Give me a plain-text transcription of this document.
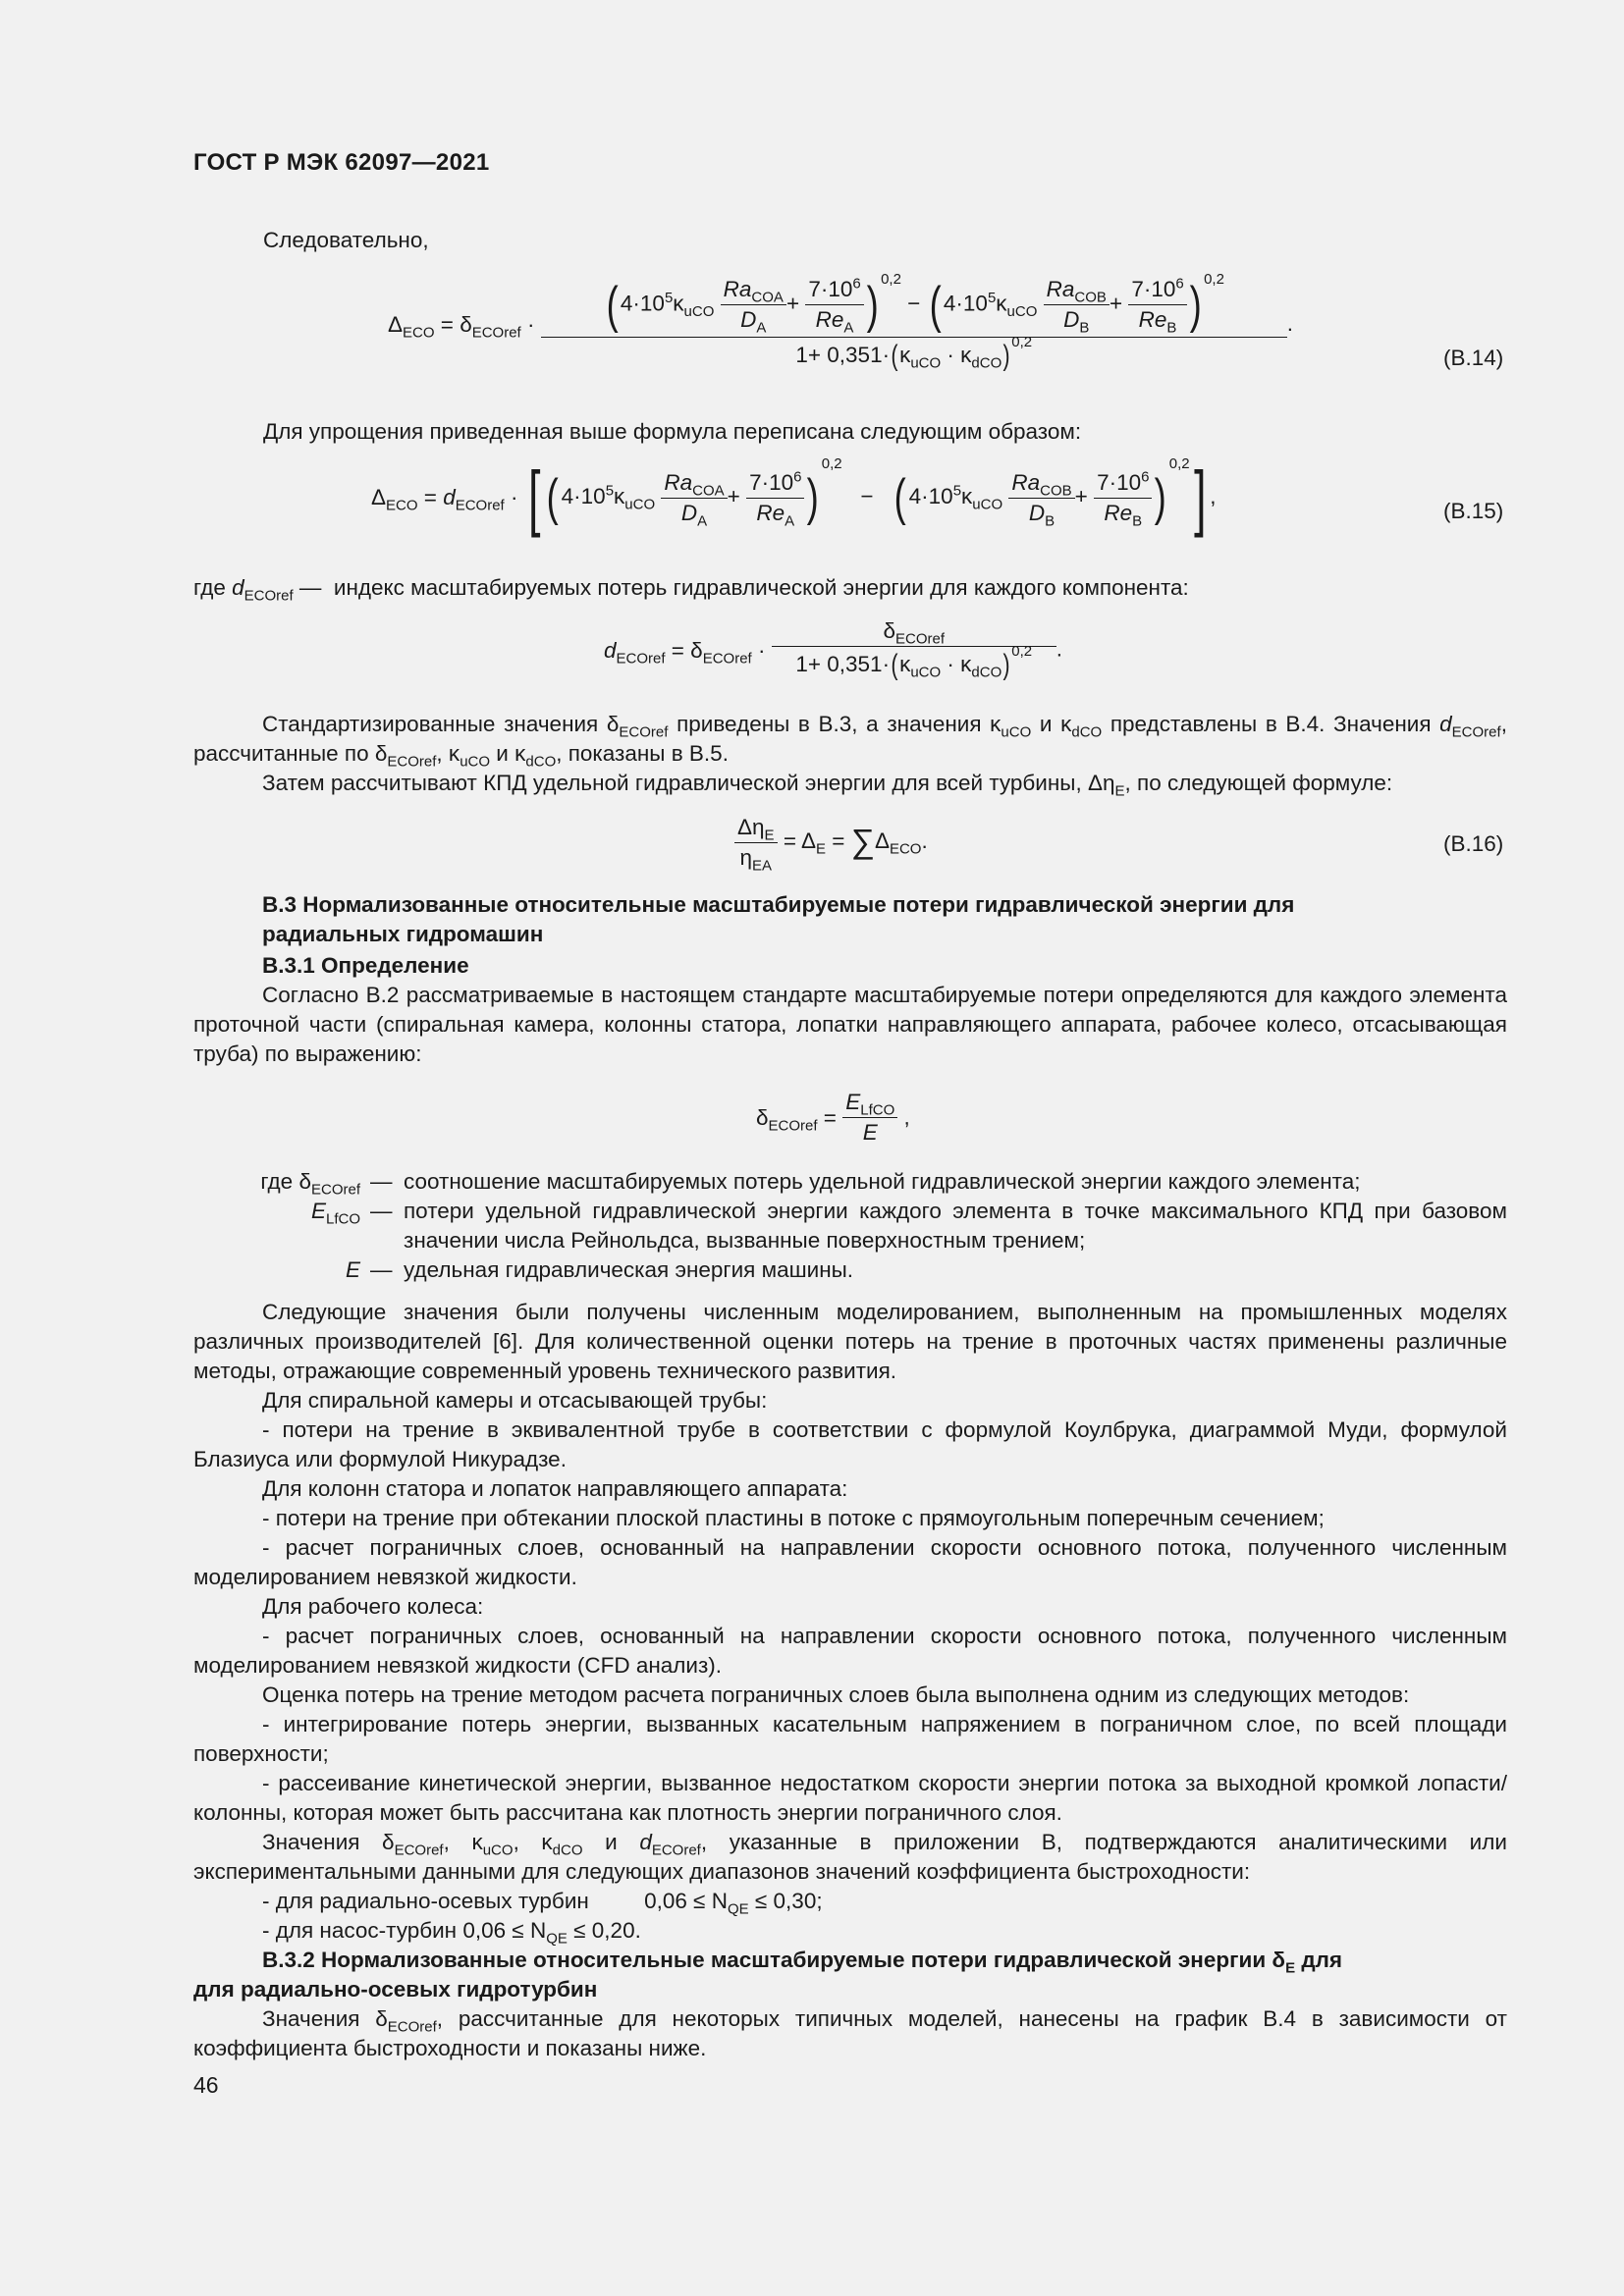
ГОСТ Р МЭК 62097—2021
Следовательно,
$\Delta_{ECO} = \delta_{ECOref}$ ·	( $4\cdot 10^5\kappa_{uCO} \frac{Ra_{COA}}{D_A} + \frac{7\cdot 10^6}{Re_A}$ ) $^{0,2}$ − ( $4\cdot 10^5\kappa_{uCO} \frac{Ra_{COB}}{D_B} + \frac{7\cdot 10^6}{Re_B}$ ) $^{0,2}$
$1+ 0,351\cdot(\kappa_{uCO} \cdot \kappa_{dCO})$ $^{0,2}$
.
(B.14)
Для упрощения приведенная выше формула переписана следующим образом:
$\Delta_{ECO} = d_{ECOref}$ · [ ( $4\cdot 10^5\kappa_{uCO} \frac{Ra_{COA}}{D_A} + \frac{7\cdot 10^6}{Re_A} )^{0,2}$   −   ( $4\cdot 10^5\kappa_{uCO} \frac{Ra_{COB}}{D_B} + \frac{7\cdot 10^6}{Re_B} )^{0,2}$] ,
(B.15)
где $d_{ECOref}$ —  индекс масштабируемых потерь гидравлической энергии для каждого компонента:
$d_{ECOref} = \delta_{ECOref} \cdot \frac{\delta_{ECOref}}{1+ 0,351\cdot(\kappa_{uCO} \cdot \kappa_{dCO}) ^{0,2}}$ .

Стандартизированные значения $\delta_{ECOref}$ приведены в В.3, а значения $\kappa_{uCO}$ и $\kappa_{dCO}$ представлены в В.4. Значения $d_{ECOref}$, рассчитанные по $\delta_{ECOref}$, $\kappa_{uCO}$ и $\kappa_{dCO}$, показаны в В.5.

Затем рассчитывают КПД удельной гидравлической энергии для всей турбины, $\Delta\eta_E$, по следующей формуле:

$\frac{\Delta\eta_E}{\eta_{EA}} = \Delta_E = \sum\Delta_{ECO}$.	(B.16)

В.3 Нормализованные относительные масштабируемые потери гидравлической энергии для радиальных гидромашин

В.3.1 Определение

Согласно В.2 рассматриваемые в настоящем стандарте масштабируемые потери определяются для каждого элемента проточной части (спиральная камера, колонны статора, лопатки направляющего аппарата, рабочее колесо, отсасывающая труба) по выражению:

$\delta_{ECOref} = \frac{E_{LfCO}}{E}$ ,
где $\delta_{ECOref}$ — соотношение масштабируемых потерь удельной гидравлической энергии каждого элемента;
$E_{LfCO}$ — потери удельной гидравлической энергии каждого элемента в точке максимального КПД при базовом значении числа Рейнольдса, вызванные поверхностным трением;
E — удельная гидравлическая энергия машины.

Следующие значения были получены численным моделированием, выполненным на промышленных моделях различных производителей [6]. Для количественной оценки потерь на трение в проточных частях применены различные методы, отражающие современный уровень технического развития.

Для спиральной камеры и отсасывающей трубы:

- потери на трение в эквивалентной трубе в соответствии с формулой Коулбрука, диаграммой Муди, формулой Блазиуса или формулой Никурадзе.

Для колонн статора и лопаток направляющего аппарата:

- потери на трение при обтекании плоской пластины в потоке с прямоугольным поперечным сечением;

- расчет пограничных слоев, основанный на направлении скорости основного потока, полученного численным моделированием невязкой жидкости.

Для рабочего колеса:

- расчет пограничных слоев, основанный на направлении скорости основного потока, полученного численным моделированием невязкой жидкости (CFD анализ).

Оценка потерь на трение методом расчета пограничных слоев была выполнена одним из следующих методов:

- интегрирование потерь энергии, вызванных касательным напряжением в пограничном слое, по всей площади поверхности;

- рассеивание кинетической энергии, вызванное недостатком скорости энергии потока за выходной кромкой лопасти/колонны, которая может быть рассчитана как плотность энергии пограничного слоя.

Значения $\delta_{ECOref}$, $\kappa_{uCO}$, $\kappa_{dCO}$ и $d_{ECOref}$, указанные в приложении В, подтверждаются аналитическими или экспериментальными данными для следующих диапазонов значений коэффициента быстроходности:

- для радиально-осевых турбин	$0,06 \le N_{QE} \le 0,30$;

- для насос-турбин $0,06 \le N_{QE} \le 0,20$.

В.3.2 Нормализованные относительные масштабируемые потери гидравлической энергии $\delta_E$ для

для радиально-осевых гидротурбин

Значения $\delta_{ECOref}$, рассчитанные для некоторых типичных моделей, нанесены на график В.4 в зависимости от коэффициента быстроходности и показаны ниже.

46
